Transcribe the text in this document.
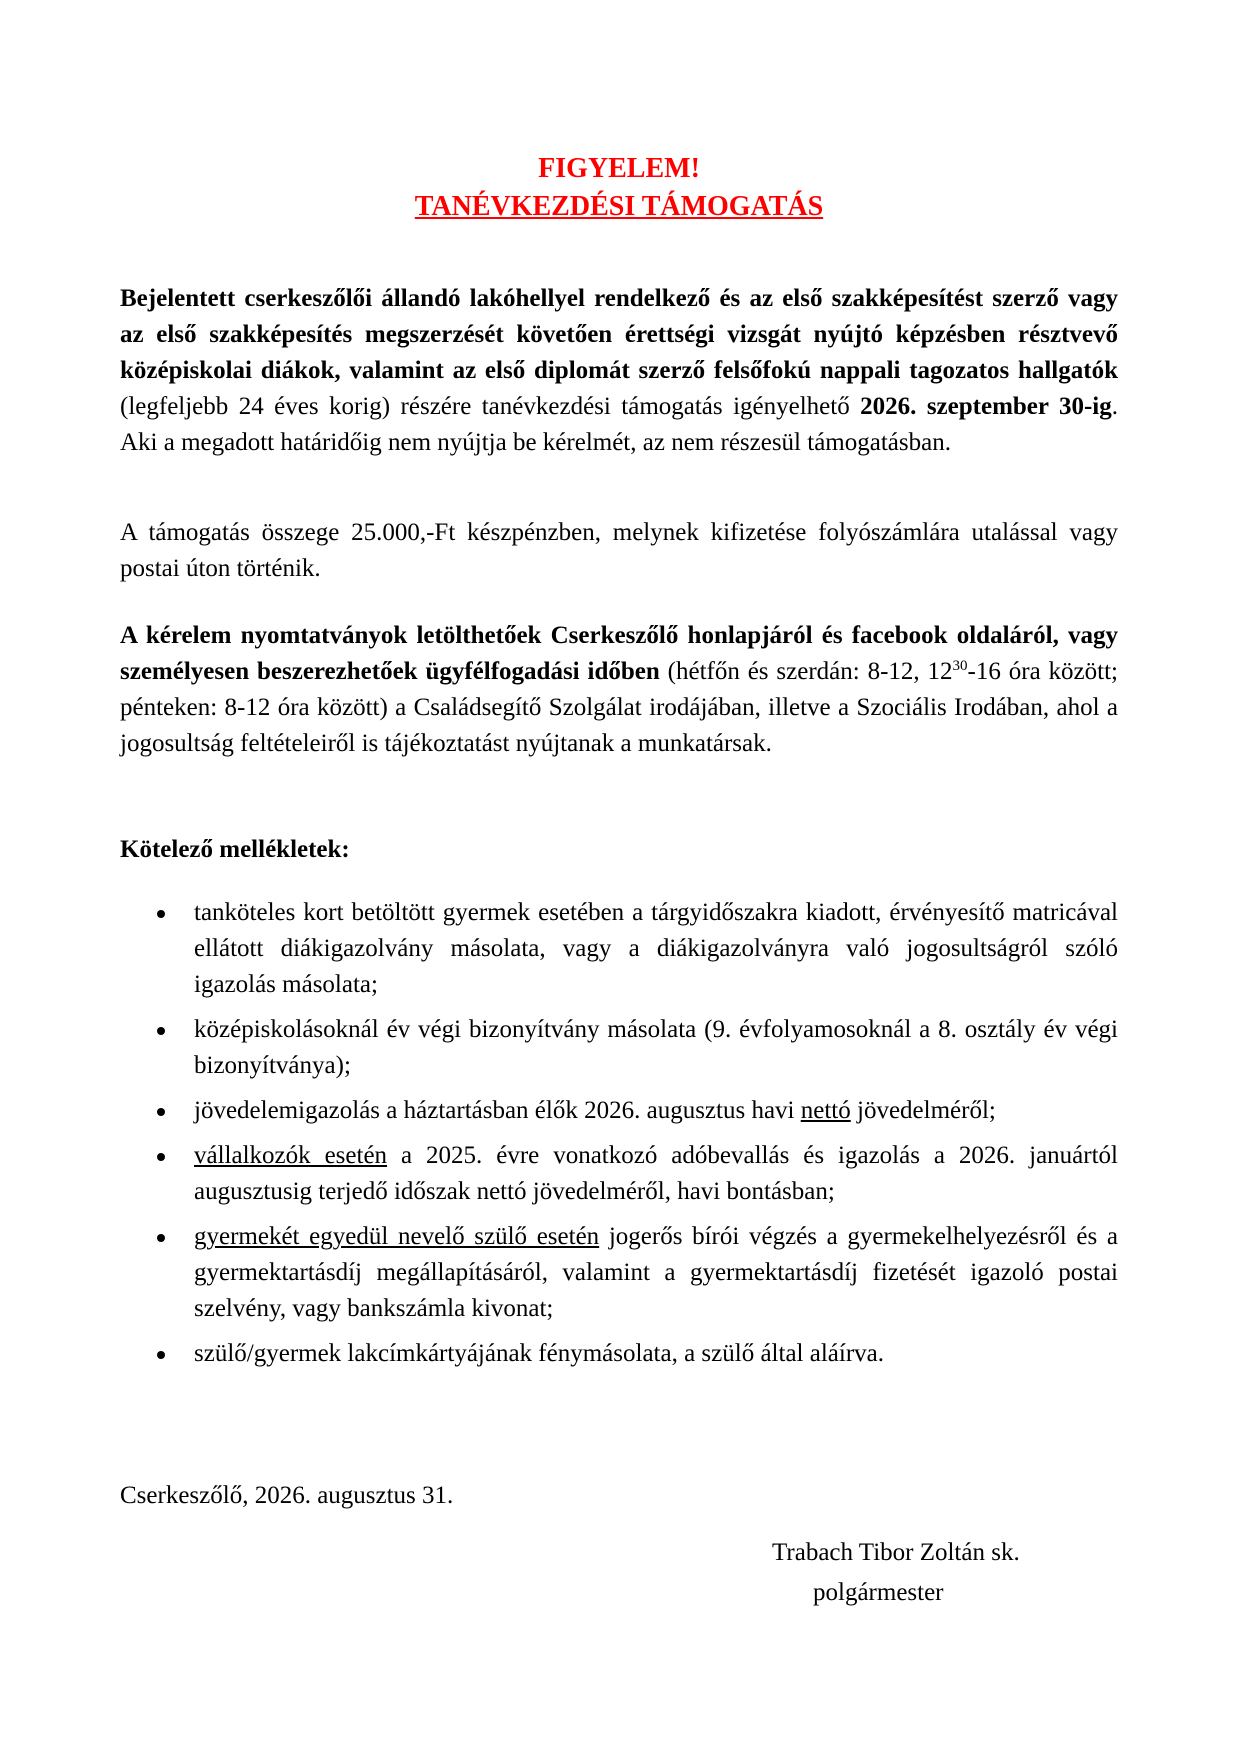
FIGYELEM!
TANÉVKEZDÉSI TÁMOGATÁS
Bejelentett cserkeszőlői állandó lakóhellyel rendelkező és az első szakképesítést szerző vagy az első szakképesítés megszerzését követően érettségi vizsgát nyújtó képzésben résztvevő középiskolai diákok, valamint az első diplomát szerző felsőfokú nappali tagozatos hallgatók (legfeljebb 24 éves korig) részére tanévkezdési támogatás igényelhető 2026. szeptember 30-ig. Aki a megadott határidőig nem nyújtja be kérelmét, az nem részesül támogatásban.
A támogatás összege 25.000,-Ft készpénzben, melynek kifizetése folyószámlára utalással vagy postai úton történik.
A kérelem nyomtatványok letölthetőek Cserkeszőlő honlapjáról és facebook oldaláról, vagy személyesen beszerezhetőek ügyfélfogadási időben (hétfőn és szerdán: 8-12, $12^{30}-16$ óra között; pénteken: 8-12 óra között) a Családsegítő Szolgálat irodájában, illetve a Szociális Irodában, ahol a jogosultság feltételeiről is tájékoztatást nyújtanak a munkatársak.
Kötelező mellékletek:
tanköteles kort betöltött gyermek esetében a tárgyidőszakra kiadott, érvényesítő matricával ellátott diákigazolvány másolata, vagy a diákigazolványra való jogosultságról szóló igazolás másolata;
középiskolásoknál év végi bizonyítvány másolata (9. évfolyamosoknál a 8. osztály év végi bizonyítványa);
jövedelemigazolás a háztartásban élők 2026. augusztus havi nettó jövedelméről;
vállalkozók esetén a 2025. évre vonatkozó adóbevallás és igazolás a 2026. januártól augusztusig terjedő időszak nettó jövedelméről, havi bontásban;
gyermekét egyedül nevelő szülő esetén jogerős bírói végzés a gyermekelhelyezésről és a gyermektartásdíj megállapításáról, valamint a gyermektartásdíj fizetését igazoló postai szelvény, vagy bankszámla kivonat;
szülő/gyermek lakcímkártyájának fénymásolata, a szülő által aláírva.
Cserkeszőlő, 2026. augusztus 31.
Trabach Tibor Zoltán sk.
polgármester
